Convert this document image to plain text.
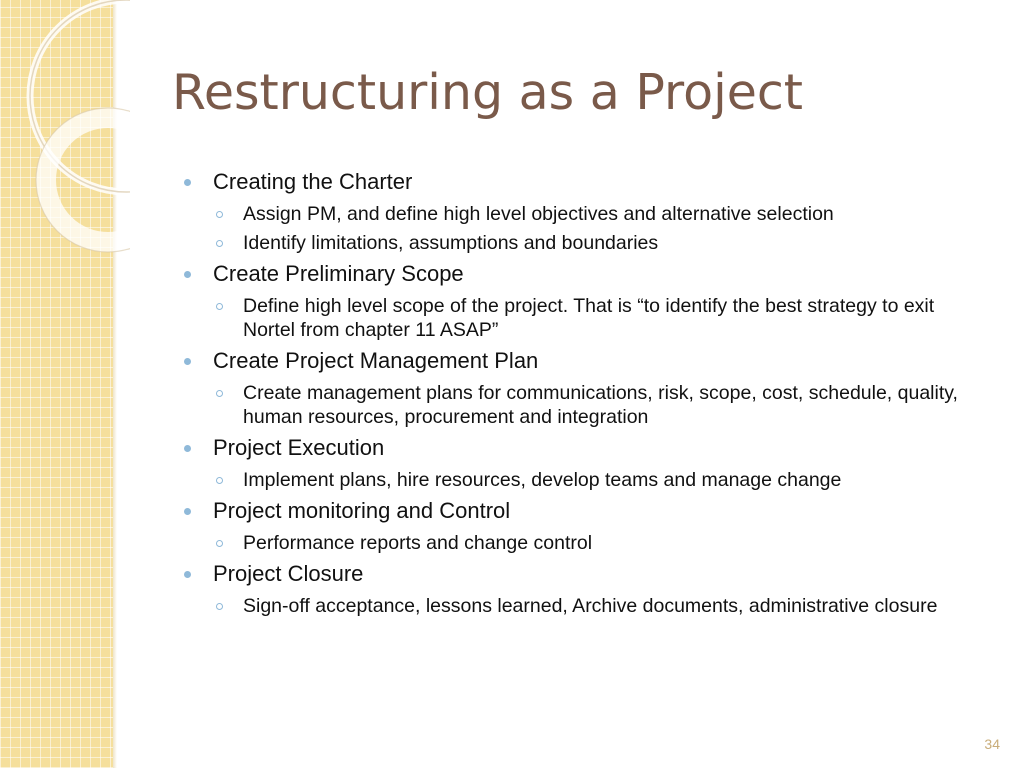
Restructuring as a Project
Creating the Charter
Assign PM, and define high level objectives and alternative selection
Identify limitations, assumptions and boundaries
Create Preliminary Scope
Define high level scope of the project. That is “to identify the best strategy to exit Nortel from chapter 11 ASAP”
Create Project Management Plan
Create management plans for communications, risk, scope, cost, schedule, quality, human resources, procurement and integration
Project Execution
Implement plans, hire resources, develop teams and manage change
Project monitoring and Control
Performance reports and change control
Project Closure
Sign-off acceptance, lessons learned, Archive documents, administrative closure
34
